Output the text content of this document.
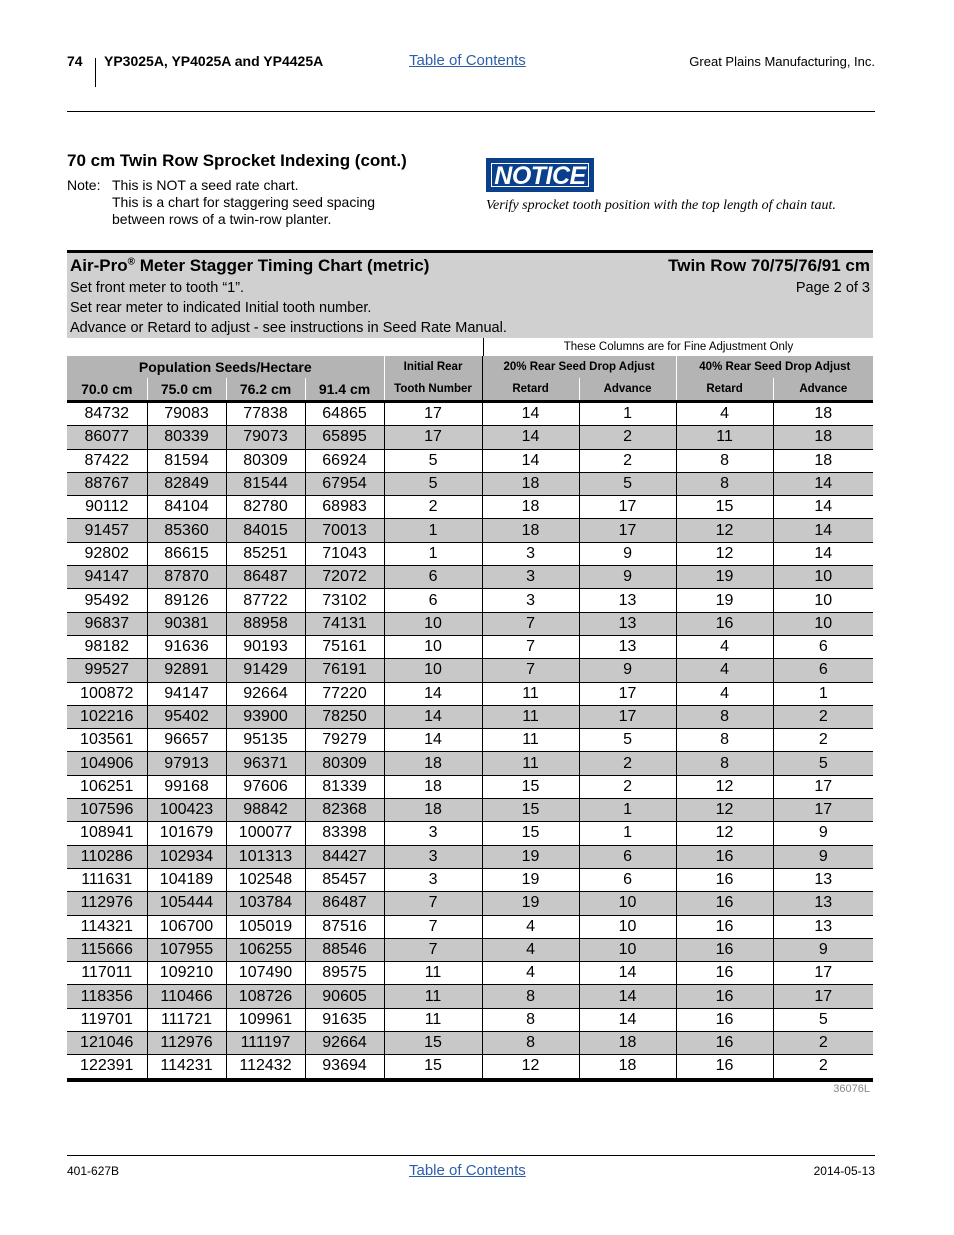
74 YP3025A, YP4025A and YP4425A	Table of Contents	Great Plains Manufacturing, Inc.
70 cm Twin Row Sprocket Indexing (cont.)
Note: This is NOT a seed rate chart.
This is a chart for staggering seed spacing
between rows of a twin-row planter.
NOTICE
Verify sprocket tooth position with the top length of chain taut.
Air-Pro® Meter Stagger Timing Chart (metric)	Twin Row 70/75/76/91 cm
Set front meter to tooth “1”.	Page 2 of 3
Set rear meter to indicated Initial tooth number.
Advance or Retard to adjust - see instructions in Seed Rate Manual.
These Columns are for Fine Adjustment Only
Population Seeds/Hectare				Initial Rear	20% Rear Seed Drop Adjust		40% Rear Seed Drop Adjust	
70.0 cm	75.0 cm	76.2 cm	91.4 cm	Tooth Number	Retard	Advance	Retard	Advance
84732	79083	77838	64865	17	14	1	4	18
86077	80339	79073	65895	17	14	2	11	18
87422	81594	80309	66924	5	14	2	8	18
88767	82849	81544	67954	5	18	5	8	14
90112	84104	82780	68983	2	18	17	15	14
91457	85360	84015	70013	1	18	17	12	14
92802	86615	85251	71043	1	3	9	12	14
94147	87870	86487	72072	6	3	9	19	10
95492	89126	87722	73102	6	3	13	19	10
96837	90381	88958	74131	10	7	13	16	10
98182	91636	90193	75161	10	7	13	4	6
99527	92891	91429	76191	10	7	9	4	6
100872	94147	92664	77220	14	11	17	4	1
102216	95402	93900	78250	14	11	17	8	2
103561	96657	95135	79279	14	11	5	8	2
104906	97913	96371	80309	18	11	2	8	5
106251	99168	97606	81339	18	15	2	12	17
107596	100423	98842	82368	18	15	1	12	17
108941	101679	100077	83398	3	15	1	12	9
110286	102934	101313	84427	3	19	6	16	9
111631	104189	102548	85457	3	19	6	16	13
112976	105444	103784	86487	7	19	10	16	13
114321	106700	105019	87516	7	4	10	16	13
115666	107955	106255	88546	7	4	10	16	9
117011	109210	107490	89575	11	4	14	16	17
118356	110466	108726	90605	11	8	14	16	17
119701	111721	109961	91635	11	8	14	16	5
121046	112976	111197	92664	15	8	18	16	2
122391	114231	112432	93694	15	12	18	16	2
36076L
401-627B	Table of Contents	2014-05-13
